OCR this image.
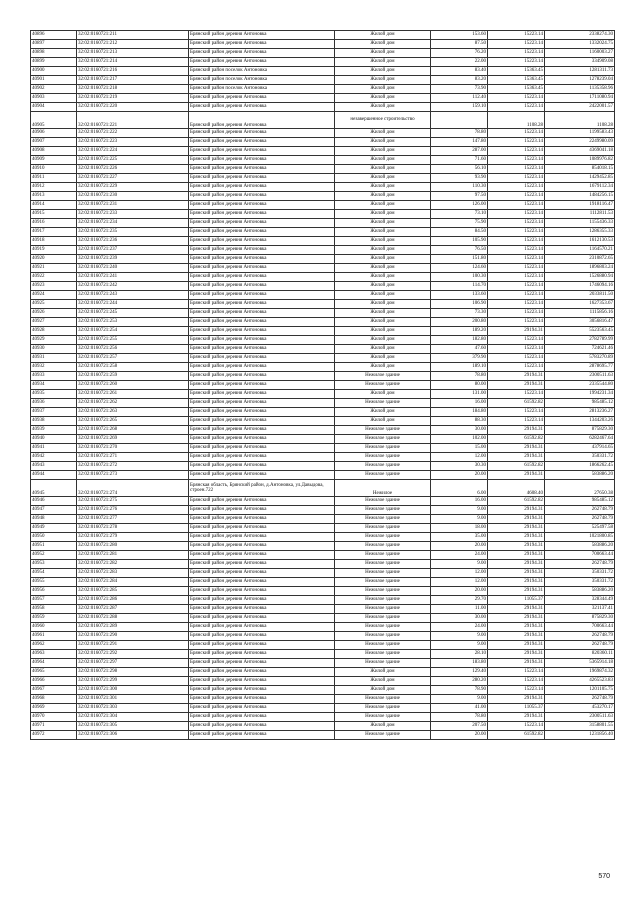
40896	32:02:0160721:211	Брянский район деревня Антоновка	Жилой дом	153.60	15223.14	2338274.30
40897	32:02:0160721:212	Брянский район деревня Антоновка	Жилой дом	87.50	15223.14	1332024.75
40898	32:02:0160721:213	Брянский район деревня Антоновка	Жилой дом	76.20	15223.14	1160003.27
40899	32:02:0160721:214	Брянский район деревня Антоновка	Жилой дом	22.00	15223.14	334909.08
40900	32:02:0160721:216	Брянский район поселок Антоновка	Жилой дом	83.40	15363.45	1281311.73
40901	32:02:0160721:217	Брянский район поселок Антоновка	Жилой дом	83.20	15363.45	1278239.04
40902	32:02:0160721:218	Брянский район поселок Антоновка	Жилой дом	73.90	15363.45	1135358.96
40903	32:02:0160721:219	Брянский район деревня Антоновка	Жилой дом	112.40	15223.14	1711080.94
40904	32:02:0160721:220	Брянский район деревня Антоновка	Жилой дом	159.10	15223.14	2422001.57
40905	32:02:0160721:221	Брянский район деревня Антоновка	незавершенное строительство		1108.28	1108.28
40906	32:02:0160721:222	Брянский район деревня Антоновка	Жилой дом	78.80	15223.14	1199583.43
40907	32:02:0160721:223	Брянский район деревня Антоновка	Жилой дом	147.80	15223.14	2249980.09
40908	32:02:0160721:224	Брянский район деревня Антоновка	Жилой дом	287.00	15223.14	4369041.18
40909	32:02:0160721:225	Брянский район деревня Антоновка	Жилой дом	71.60	15223.14	1089976.82
40910	32:02:0160721:226	Брянский район деревня Антоновка	Жилой дом	56.10	15223.14	854018.15
40911	32:02:0160721:227	Брянский район деревня Антоновка	Жилой дом	93.90	15223.14	1429452.85
40912	32:02:0160721:229	Брянский район деревня Антоновка	Жилой дом	110.30	15223.14	1679112.34
40913	32:02:0160721:230	Брянский район деревня Антоновка	Жилой дом	97.50	15223.14	1484256.15
40914	32:02:0160721:231	Брянский район деревня Антоновка	Жилой дом	126.00	15223.14	1918116.47
40915	32:02:0160721:233	Брянский район деревня Антоновка	Жилой дом	73.10	15223.14	1112811.53
40916	32:02:0160721:234	Брянский район деревня Антоновка	Жилой дом	75.90	15223.14	1155436.33
40917	32:02:0160721:235	Брянский район деревня Антоновка	Жилой дом	84.50	15223.14	1286355.33
40918	32:02:0160721:236	Брянский район деревня Антоновка	Жилой дом	105.90	15223.14	1612130.53
40919	32:02:0160721:237	Брянский район деревня Антоновка	Жилой дом	76.50	15223.14	1164570.21
40920	32:02:0160721:239	Брянский район деревня Антоновка	Жилой дом	151.80	15223.14	2310872.65
40921	32:02:0160721:240	Брянский район деревня Антоновка	Жилой дом	124.60	15223.14	1896803.24
40922	32:02:0160721:241	Брянский район деревня Антоновка	Жилой дом	100.30	15223.14	1526880.94
40923	32:02:0160721:242	Брянский район деревня Антоновка	Жилой дом	114.70	15223.14	1746094.16
40924	32:02:0160721:243	Брянский район деревня Антоновка	Жилой дом	133.60	15223.14	2033811.50
40925	32:02:0160721:244	Брянский район деревня Антоновка	Жилой дом	106.90	15223.14	1627353.67
40926	32:02:0160721:245	Брянский район деревня Антоновка	Жилой дом	73.30	15223.14	1115856.16
40927	32:02:0160721:253	Брянский район деревня Антоновка	Жилой дом	200.80	15223.14	3056816.47
40928	32:02:0160721:254	Брянский район деревня Антоновка	Жилой дом	189.20	29194.31	5523563.45
40929	32:02:0160721:255	Брянский район деревня Антоновка	Жилой дом	182.80	15223.14	2782789.99
40930	32:02:0160721:256	Брянский район деревня Антоновка	Жилой дом	47.60	15223.14	724621.46
40931	32:02:0160721:257	Брянский район деревня Антоновка	Жилой дом	379.90	15223.14	5783270.89
40932	32:02:0160721:258	Брянский район деревня Антоновка	Жилой дом	189.10	15223.14	2878695.77
40933	32:02:0160721:259	Брянский район деревня Антоновка	Нежилое здание	78.80	29194.31	2300511.63
40934	32:02:0160721:260	Брянский район деревня Антоновка	Нежилое здание	80.00	29194.31	2335544.80
40935	32:02:0160721:261	Брянский район деревня Антоновка	Жилой дом	131.00	15223.14	1994231.34
40936	32:02:0160721:262	Брянский район деревня Антоновка	Нежилое здание	16.00	61592.82	985485.12
40937	32:02:0160721:263	Брянский район деревня Антоновка	Жилой дом	184.80	15223.14	2813236.27
40938	32:02:0160721:265	Брянский район деревня Антоновка	Жилой дом	88.30	15223.14	1344203.26
40939	32:02:0160721:268	Брянский район деревня Антоновка	Нежилое здание	30.00	29194.31	875829.30
40940	32:02:0160721:269	Брянский район деревня Антоновка	Нежилое здание	102.00	61592.82	6282467.64
40941	32:02:0160721:270	Брянский район деревня Антоновка	Нежилое здание	15.00	29194.31	437914.65
40942	32:02:0160721:271	Брянский район деревня Антоновка	Нежилое здание	12.00	29194.31	350331.72
40943	32:02:0160721:272	Брянский район деревня Антоновка	Нежилое здание	30.30	61592.82	1866262.45
40944	32:02:0160721:273	Брянский район деревня Антоновка	Нежилое здание	20.00	29194.31	583886.20
40945	32:02:0160721:274	Брянская область, Брянский район, д.Антоновка, ул.Давыдова, строен.722	Нежилое	6.00	4608.40	27650.38
40946	32:02:0160721:275	Брянский район деревня Антоновка	Нежилое здание	16.00	61592.82	985485.12
40947	32:02:0160721:276	Брянский район деревня Антоновка	Нежилое здание	9.00	29194.31	262748.79
40948	32:02:0160721:277	Брянский район деревня Антоновка	Нежилое здание	9.00	29194.31	262748.79
40949	32:02:0160721:278	Брянский район деревня Антоновка	Нежилое здание	18.00	29194.31	525497.58
40950	32:02:0160721:279	Брянский район деревня Антоновка	Нежилое здание	35.00	29194.31	1021800.85
40951	32:02:0160721:280	Брянский район деревня Антоновка	Нежилое здание	20.00	29194.31	583886.20
40952	32:02:0160721:281	Брянский район деревня Антоновка	Нежилое здание	24.00	29194.31	700663.44
40953	32:02:0160721:282	Брянский район деревня Антоновка	Нежилое здание	9.00	29194.31	262748.79
40954	32:02:0160721:283	Брянский район деревня Антоновка	Нежилое здание	12.00	29194.31	350331.72
40955	32:02:0160721:284	Брянский район деревня Антоновка	Нежилое здание	12.00	29194.31	350331.72
40956	32:02:0160721:285	Брянский район деревня Антоновка	Нежилое здание	20.00	29194.31	583886.20
40957	32:02:0160721:286	Брянский район деревня Антоновка	Нежилое здание	29.70	11055.37	328344.49
40958	32:02:0160721:287	Брянский район деревня Антоновка	Нежилое здание	11.00	29194.31	321137.41
40959	32:02:0160721:288	Брянский район деревня Антоновка	Нежилое здание	30.00	29194.31	875829.30
40960	32:02:0160721:289	Брянский район деревня Антоновка	Нежилое здание	24.00	29194.31	700663.44
40961	32:02:0160721:290	Брянский район деревня Антоновка	Нежилое здание	9.00	29194.31	262748.79
40962	32:02:0160721:291	Брянский район деревня Антоновка	Нежилое здание	9.00	29194.31	262748.79
40963	32:02:0160721:292	Брянский район деревня Антоновка	Нежилое здание	28.10	29194.31	820360.11
40964	32:02:0160721:297	Брянский район деревня Антоновка	Нежилое здание	183.80	29194.31	5365914.18
40965	32:02:0160721:298	Брянский район деревня Антоновка	Жилой дом	129.40	15223.14	1969874.32
40966	32:02:0160721:299	Брянский район деревня Антоновка	Жилой дом	280.20	15223.14	4265523.83
40967	32:02:0160721:300	Брянский район деревня Антоновка	Жилой дом	78.90	15223.14	1201105.75
40968	32:02:0160721:301	Брянский район деревня Антоновка	Нежилое здание	9.00	29194.31	262748.79
40969	32:02:0160721:303	Брянский район деревня Антоновка	Нежилое здание	41.00	11055.37	453270.17
40970	32:02:0160721:304	Брянский район деревня Антоновка	Нежилое здание	78.80	29194.31	2300511.63
40971	32:02:0160721:305	Брянский район деревня Антоновка	Жилой дом	207.50	15223.14	3158801.55
40972	32:02:0160721:306	Брянский район деревня Антоновка	Нежилое здание	20.00	61592.82	1231856.40
570
